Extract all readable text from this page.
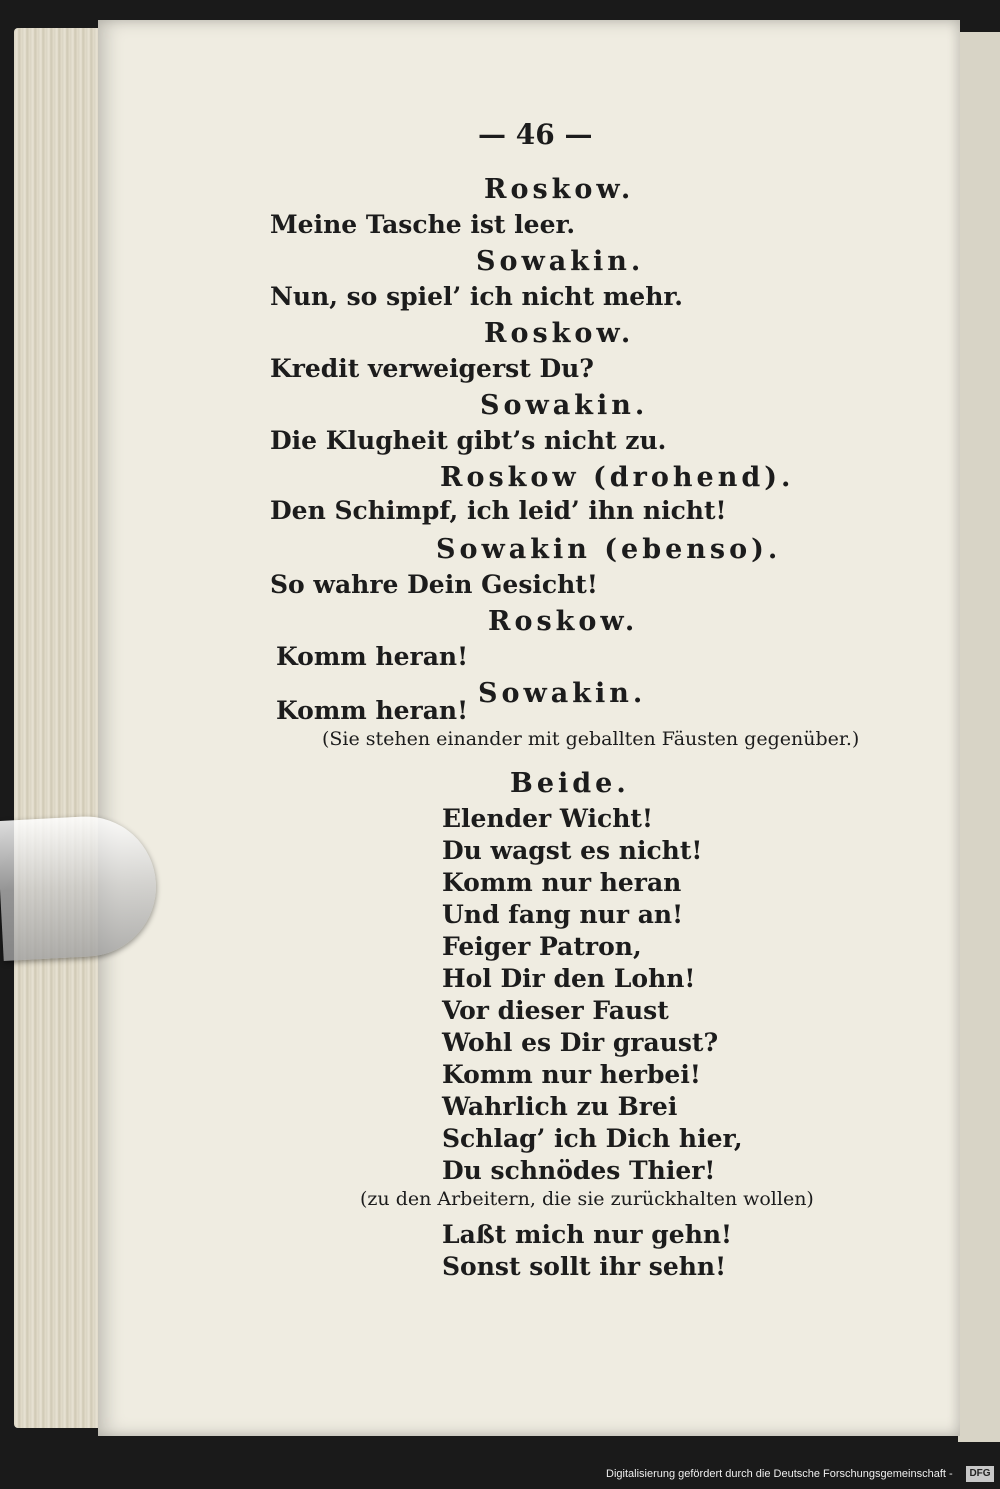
— 46 —
Roskow.
Meine Tasche ist leer.
Sowakin.
Nun, so spiel’ ich nicht mehr.
Roskow.
Kredit verweigerst Du?
Sowakin.
Die Klugheit gibt’s nicht zu.
Roskow (drohend).
Den Schimpf, ich leid’ ihn nicht!
Sowakin (ebenso).
So wahre Dein Gesicht!
Roskow.
Komm heran!
Sowakin.
Komm heran!
(Sie stehen einander mit geballten Fäusten gegenüber.)
Beide.
Elender Wicht!
Du wagst es nicht!
Komm nur heran
Und fang nur an!
Feiger Patron,
Hol Dir den Lohn!
Vor dieser Faust
Wohl es Dir graust?
Komm nur herbei!
Wahrlich zu Brei
Schlag’ ich Dich hier,
Du schnödes Thier!
(zu den Arbeitern, die sie zurückhalten wollen)
Laßt mich nur gehn!
Sonst sollt ihr sehn!
Digitalisierung gefördert durch die Deutsche Forschungsgemeinschaft -	DFG
